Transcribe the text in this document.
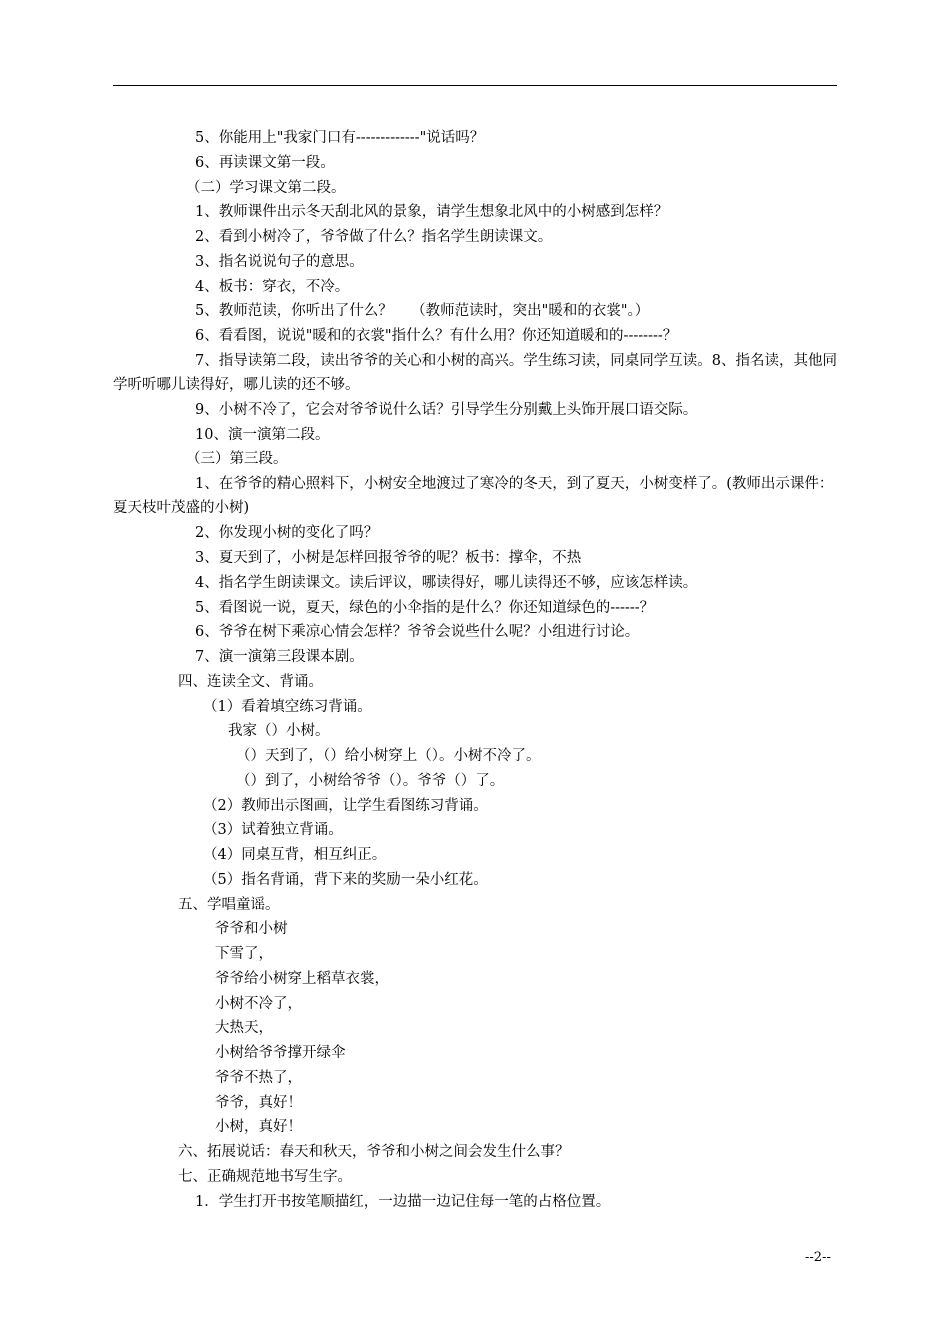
5、你能用上"我家门口有-------------"说话吗？
6、再读课文第一段。
（二）学习课文第二段。
1、教师课件出示冬天刮北风的景象，请学生想象北风中的小树感到怎样？
2、看到小树冷了，爷爷做了什么？指名学生朗读课文。
3、指名说说句子的意思。
4、板书：穿衣，不冷。
5、教师范读，你听出了什么？    （教师范读时，突出"暖和的衣裳"。）
6、看看图，说说"暖和的衣裳"指什么？有什么用？你还知道暖和的--------？
7、指导读第二段，读出爷爷的关心和小树的高兴。学生练习读，同桌同学互读。8、指名读，其他同学听听哪儿读得好，哪儿读的还不够。
9、小树不冷了，它会对爷爷说什么话？引导学生分别戴上头饰开展口语交际。
10、演一演第二段。
（三）第三段。
1、在爷爷的精心照料下，小树安全地渡过了寒冷的冬天，到了夏天，小树变样了。(教师出示课件：夏天枝叶茂盛的小树)
2、你发现小树的变化了吗？
3、夏天到了，小树是怎样回报爷爷的呢？板书：撑伞，不热
4、指名学生朗读课文。读后评议，哪读得好，哪儿读得还不够，应该怎样读。
5、看图说一说，夏天，绿色的小伞指的是什么？你还知道绿色的------？
6、爷爷在树下乘凉心情会怎样？爷爷会说些什么呢？小组进行讨论。
7、演一演第三段课本剧。
四、连读全文、背诵。
（1）看着填空练习背诵。
我家（）小树。
（）天到了，（）给小树穿上（）。小树不冷了。
（）到了，小树给爷爷（）。爷爷（）了。
（2）教师出示图画，让学生看图练习背诵。
（3）试着独立背诵。
（4）同桌互背，相互纠正。
（5）指名背诵，背下来的奖励一朵小红花。
五、学唱童谣。
爷爷和小树
下雪了，
爷爷给小树穿上稻草衣裳，
小树不冷了，
大热天，
小树给爷爷撑开绿伞
爷爷不热了，
爷爷，真好！
小树，真好！
六、拓展说话：春天和秋天，爷爷和小树之间会发生什么事？
七、正确规范地书写生字。
1．学生打开书按笔顺描红，一边描一边记住每一笔的占格位置。
--2--
